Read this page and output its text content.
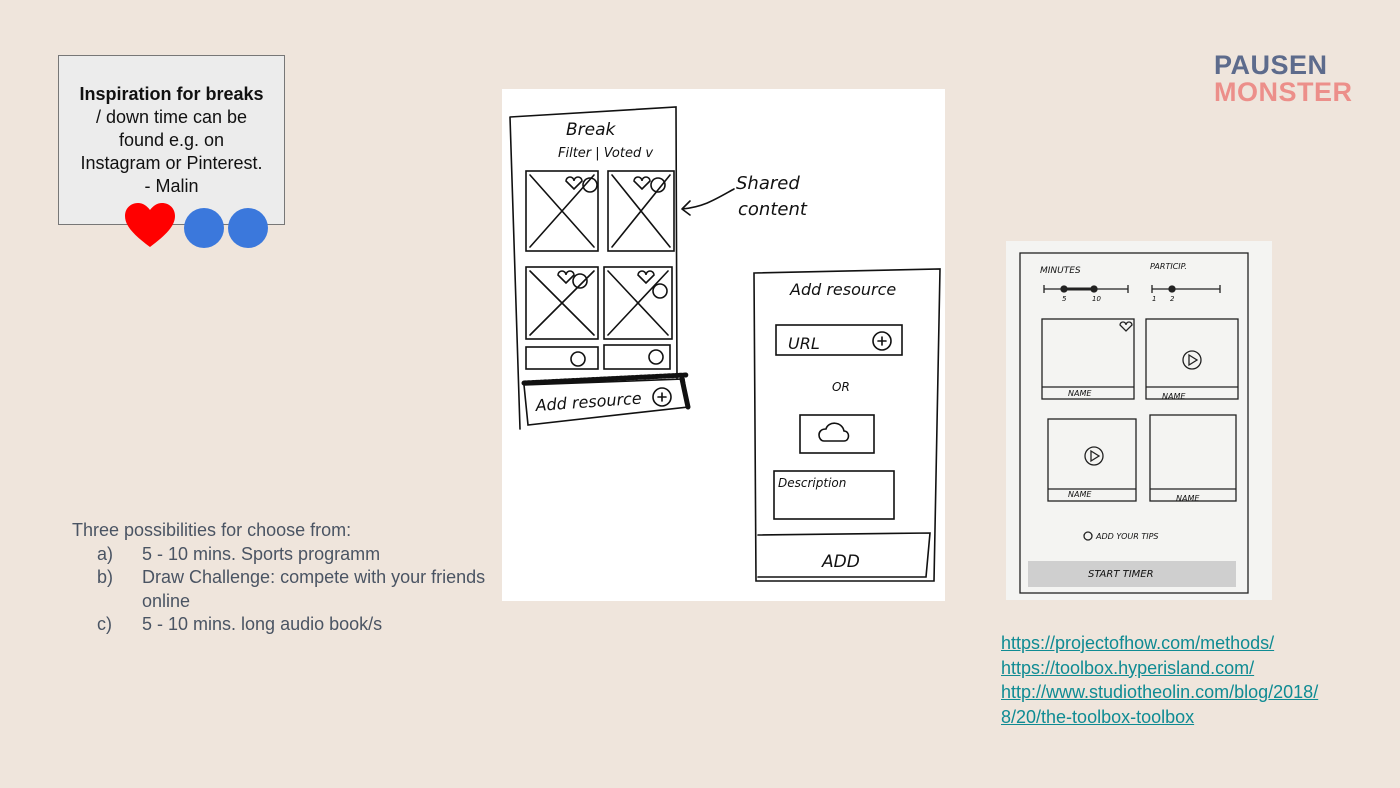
Inspiration for breaks
/ down time can be
found e.g. on
Instagram or Pinterest.
- Malin
PAUSEN
MONSTER
Three possibilities for choose from:
a)	5 - 10 mins. Sports programm
b)	Draw Challenge: compete with your friends online
c)	5 - 10 mins. long audio book/s
Break
Filter | Voted v
Add resource
Shared
content
Add resource
URL
OR
Description
ADD
MINUTES	PARTICIP.
5	10	1 2
NAME	NAME
NAME	NAME
ADD YOUR TIPS
START TIMER
https://projectofhow.com/methods/
https://toolbox.hyperisland.com/
http://www.studiotheolin.com/blog/2018/8/20/the-toolbox-toolbox
